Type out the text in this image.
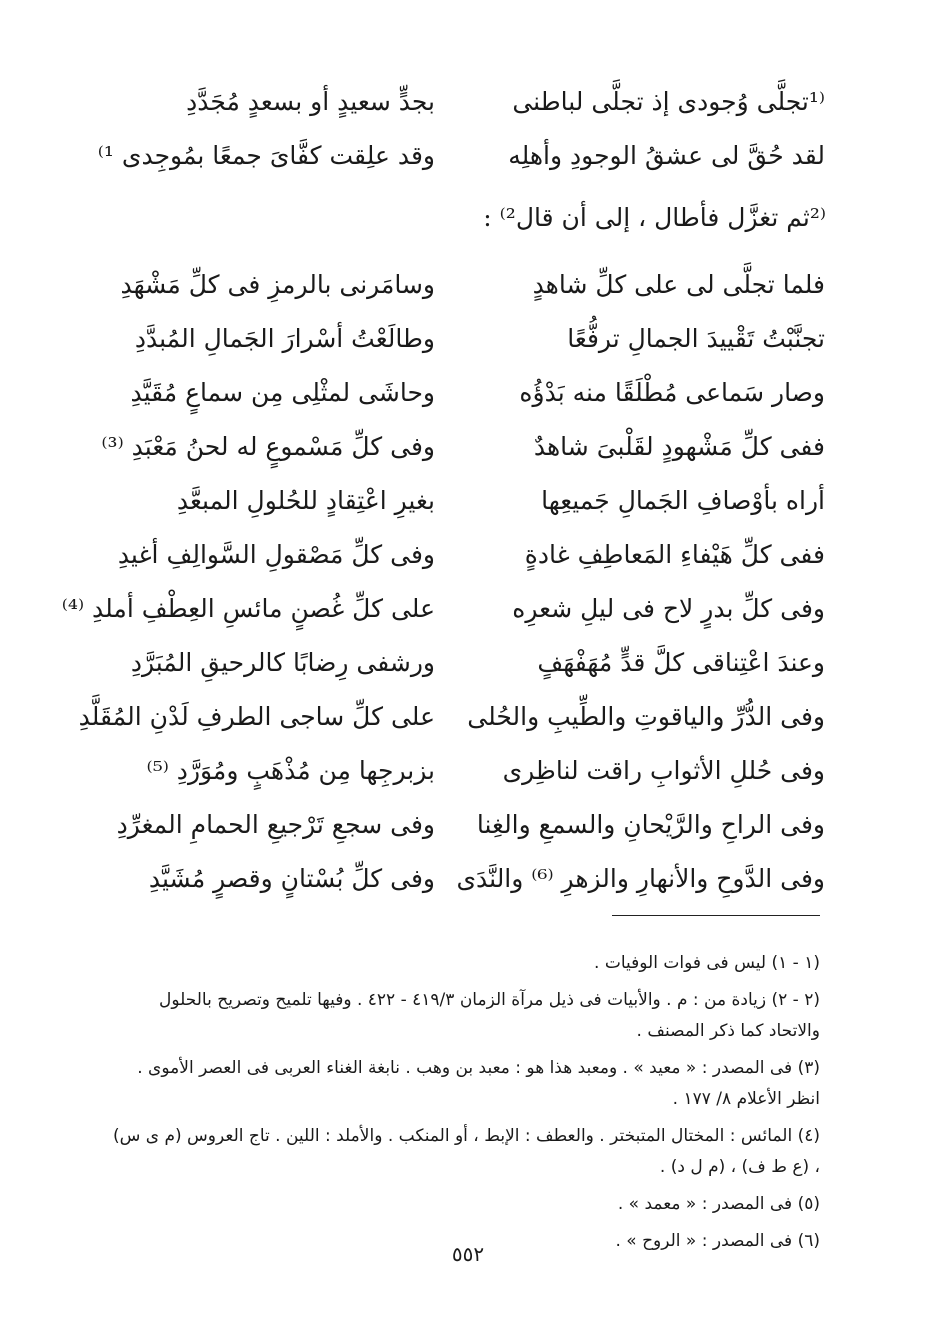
⁽¹تجلَّى وُجودى إذ تجلَّى لباطنى
بجدٍّ سعيدٍ أو بسعدٍ مُجَدَّدِ
لقد حُقَّ لى عشقُ الوجودِ وأهلِه
وقد علِقت كفَّاىَ جمعًا بمُوجِدى ¹⁾
⁽²ثم تغزَّل فأطال ، إلى أن قال²⁾ :
فلما تجلَّى لى على كلِّ شاهدٍ
وسامَرنى بالرمزِ فى كلِّ مَشْهَدِ
تجنَّبْتُ تَقْييدَ الجمالِ ترفُّعًا
وطالَعْتُ أسْرارَ الجَمالِ المُبدَّدِ
وصار سَماعى مُطْلَقًا منه بَدْؤُه
وحاشَى لمثْلِى مِن سماعٍ مُقَيَّدِ
ففى كلِّ مَشْهودٍ لقَلْبىَ شاهدٌ
وفى كلِّ مَسْموعٍ له لحنُ مَعْبَدِ ⁽³⁾
أراه بأوْصافِ الجَمالِ جَميعِها
بغيرِ اعْتِقادٍ للحُلولِ المبعَّدِ
ففى كلِّ هَيْفاءِ المَعاطِفِ غادةٍ
وفى كلِّ مَصْقولِ السَّوالِفِ أغيدِ
وفى كلِّ بدرٍ لاح فى ليلِ شعرِه
على كلِّ غُصنٍ مائسِ العِطْفِ أملدِ ⁽⁴⁾
وعندَ اعْتِناقى كلَّ قدٍّ مُهَفْهَفٍ
ورشفى رِضابًا كالرحيقِ المُبَرَّدِ
وفى الدُّرِّ والياقوتِ والطِّيبِ والحُلى
على كلِّ ساجى الطرفِ لَدْنِ المُقَلَّدِ
وفى حُللِ الأثوابِ راقت لناظِرى
بزبرجِها مِن مُذْهَبٍ ومُوَرَّدِ ⁽⁵⁾
وفى الراحِ والرَّيْحانِ والسمعِ والغِنا
وفى سجعِ تَرْجيعِ الحمامِ المغرِّدِ
وفى الدَّوحِ والأنهارِ والزهرِ ⁽⁶⁾ والنَّدَى
وفى كلِّ بُسْتانٍ وقصرٍ مُشَيَّدِ

(١ - ١) ليس فى فوات الوفيات .

(٢ - ٢) زيادة من : م . والأبيات فى ذيل مرآة الزمان ٤١٩/٣ - ٤٢٢ . وفيها تلميح وتصريح بالحلول والاتحاد كما ذكر المصنف .

(٣) فى المصدر : « معيد » . ومعبد هذا هو : معبد بن وهب . نابغة الغناء العربى فى العصر الأموى . انظر الأعلام ٨/ ١٧٧ .

(٤) المائس : المختال المتبختر . والعطف : الإبط ، أو المنكب . والأملد : اللين . تاج العروس (م ى س) ، (ع ط ف) ، (م ل د) .

(٥) فى المصدر : « معمد » .

(٦) فى المصدر : « الروح » .

٥٥٢
